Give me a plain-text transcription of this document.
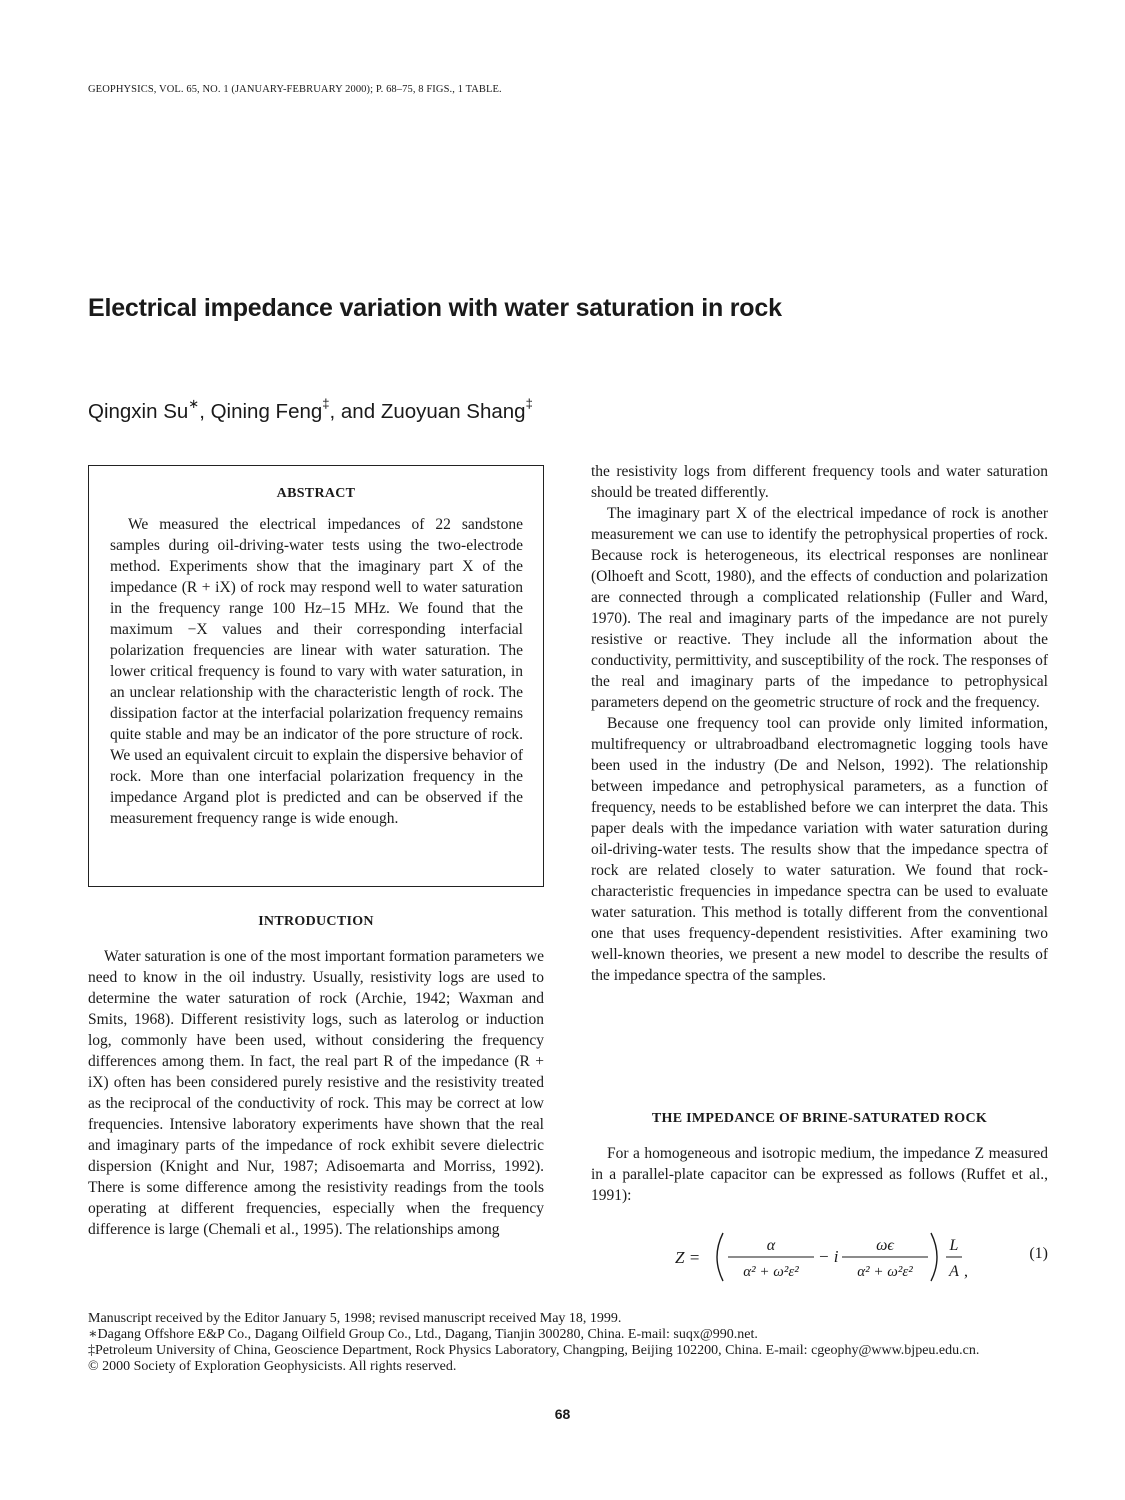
GEOPHYSICS, VOL. 65, NO. 1 (JANUARY-FEBRUARY 2000); P. 68–75, 8 FIGS., 1 TABLE.
Electrical impedance variation with water saturation in rock
Qingxin Su∗, Qining Feng‡, and Zuoyuan Shang‡
ABSTRACT

We measured the electrical impedances of 22 sandstone samples during oil-driving-water tests using the two-electrode method. Experiments show that the imaginary part X of the impedance (R + iX) of rock may respond well to water saturation in the frequency range 100 Hz–15 MHz. We found that the maximum −X values and their corresponding interfacial polarization frequencies are linear with water saturation. The lower critical frequency is found to vary with water saturation, in an unclear relationship with the characteristic length of rock. The dissipation factor at the interfacial polarization frequency remains quite stable and may be an indicator of the pore structure of rock. We used an equivalent circuit to explain the dispersive behavior of rock. More than one interfacial polarization frequency in the impedance Argand plot is predicted and can be observed if the measurement frequency range is wide enough.

INTRODUCTION

Water saturation is one of the most important formation parameters we need to know in the oil industry. Usually, resistivity logs are used to determine the water saturation of rock (Archie, 1942; Waxman and Smits, 1968). Different resistivity logs, such as laterolog or induction log, commonly have been used, without considering the frequency differences among them. In fact, the real part R of the impedance (R + iX) often has been considered purely resistive and the resistivity treated as the reciprocal of the conductivity of rock. This may be correct at low frequencies. Intensive laboratory experiments have shown that the real and imaginary parts of the impedance of rock exhibit severe dielectric dispersion (Knight and Nur, 1987; Adisoemarta and Morriss, 1992). There is some difference among the resistivity readings from the tools operating at different frequencies, especially when the frequency difference is large (Chemali et al., 1995). The relationships among

the resistivity logs from different frequency tools and water saturation should be treated differently.

The imaginary part X of the electrical impedance of rock is another measurement we can use to identify the petrophysical properties of rock. Because rock is heterogeneous, its electrical responses are nonlinear (Olhoeft and Scott, 1980), and the effects of conduction and polarization are connected through a complicated relationship (Fuller and Ward, 1970). The real and imaginary parts of the impedance are not purely resistive or reactive. They include all the information about the conductivity, permittivity, and susceptibility of the rock. The responses of the real and imaginary parts of the impedance to petrophysical parameters depend on the geometric structure of rock and the frequency.

Because one frequency tool can provide only limited information, multifrequency or ultrabroadband electromagnetic logging tools have been used in the industry (De and Nelson, 1992). The relationship between impedance and petrophysical parameters, as a function of frequency, needs to be established before we can interpret the data. This paper deals with the impedance variation with water saturation during oil-driving-water tests. The results show that the impedance spectra of rock are related closely to water saturation. We found that rock-characteristic frequencies in impedance spectra can be used to evaluate water saturation. This method is totally different from the conventional one that uses frequency-dependent resistivities. After examining two well-known theories, we present a new model to describe the results of the impedance spectra of the samples.

THE IMPEDANCE OF BRINE-SATURATED ROCK

For a homogeneous and isotropic medium, the impedance Z measured in a parallel-plate capacitor can be expressed as follows (Ruffet et al., 1991):

Z =
α
α² + ω²ε²
− i
ωϵ
α² + ω²ε²
L
A ,
(1)
Manuscript received by the Editor January 5, 1998; revised manuscript received May 18, 1999.
∗Dagang Offshore E&P Co., Dagang Oilfield Group Co., Ltd., Dagang, Tianjin 300280, China. E-mail: suqx@990.net.
‡Petroleum University of China, Geoscience Department, Rock Physics Laboratory, Changping, Beijing 102200, China. E-mail: cgeophy@www.bjpeu.edu.cn.
© 2000 Society of Exploration Geophysicists. All rights reserved.
68
